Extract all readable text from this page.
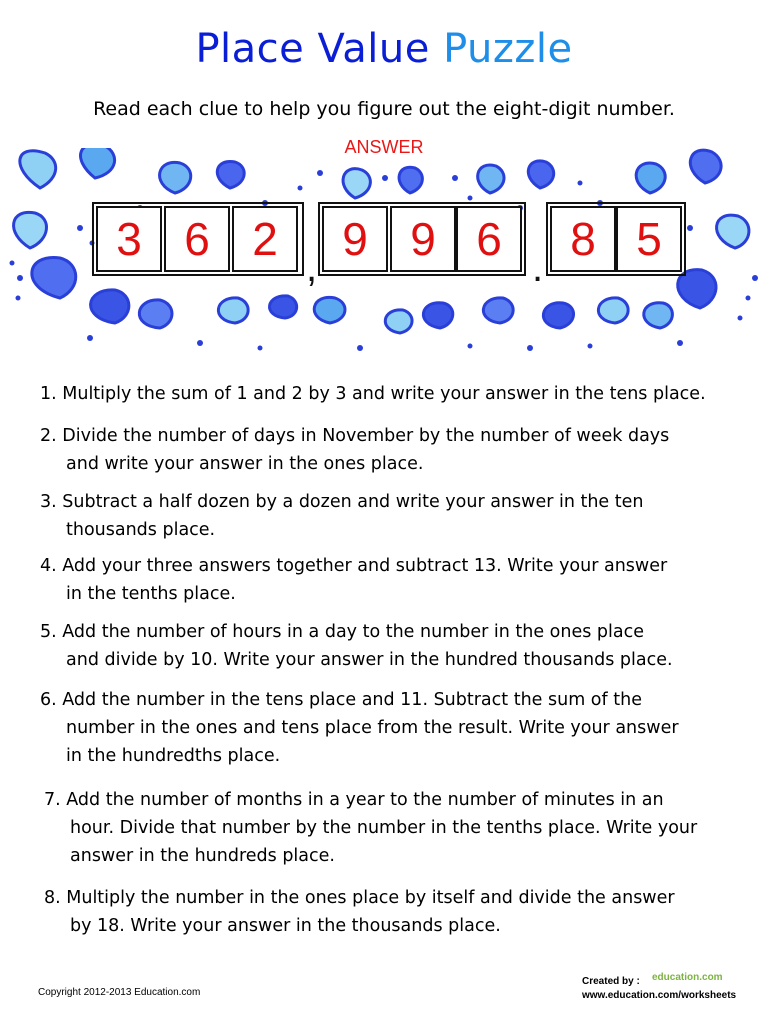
Place Value Puzzle
Read each clue to help you figure out the eight-digit number.
ANSWER
3 6 2
,
9 9 6
.
8 5
1. Multiply the sum of 1 and 2 by 3 and write your answer in the tens place.
2. Divide the number of days in November by the number of week days
and write your answer in the ones place.
3. Subtract a half dozen by a dozen and write your answer in the ten
thousands place.
4. Add your three answers together and subtract 13. Write your answer
in the tenths place.
5. Add the number of hours in a day to the number in the ones place
and divide by 10. Write your answer in the hundred thousands place.
6. Add the number in the tens place and 11. Subtract the sum of the
number in the ones and tens place from the result. Write your answer
in the hundredths place.
7. Add the number of months in a year to the number of minutes in an
hour. Divide that number by the number in the tenths place. Write your
answer in the hundreds place.
8. Multiply the number in the ones place by itself and divide the answer
by 18. Write your answer in the thousands place.
Copyright 2012-2013 Education.com
Created by : education.com
www.education.com/worksheets
